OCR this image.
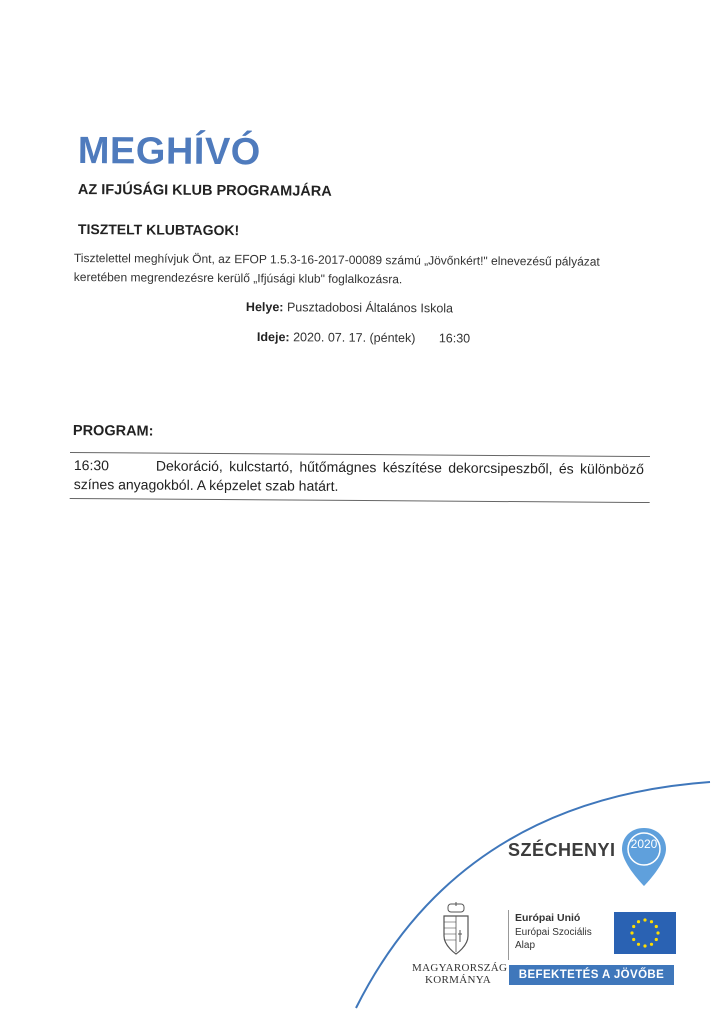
MEGHÍVÓ
AZ IFJÚSÁGI KLUB PROGRAMJÁRA
TISZTELT KLUBTAGOK!
Tisztelettel meghívjuk Önt, az EFOP 1.5.3-16-2017-00089 számú „Jövőnkért!" elnevezésű pályázat keretében megrendezésre kerülő „Ifjúsági klub" foglalkozásra.
Helye: Pusztadobosi Általános Iskola
Ideje: 2020. 07. 17. (péntek) 16:30
PROGRAM:
16:30	Dekoráció, kulcstartó, hűtőmágnes készítése dekorcsipeszből, és különböző színes anyagokból. A képzelet szab határt.
SZÉCHENYI	2020
MAGYARORSZÁG
KORMÁNYA
Európai Unió
Európai Szociális Alap
BEFEKTETÉS A JÖVŐBE
